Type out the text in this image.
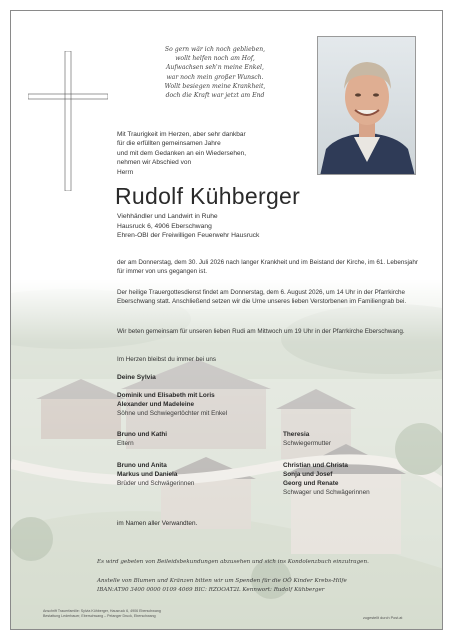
So gern wär ich noch geblieben,
wollt helfen noch am Hof,
Aufwachsen seh'n meine Enkel,
war noch mein großer Wunsch.
Wollt besiegen meine Krankheit,
doch die Kraft war jetzt am End
Mit Traurigkeit im Herzen, aber sehr dankbar
für die erfüllten gemeinsamen Jahre
und mit dem Gedanken an ein Wiedersehen,
nehmen wir Abschied von
Herrn
Rudolf Kühberger
Viehhändler und Landwirt in Ruhe
Hausruck 6, 4906 Eberschwang
Ehren-OBI der Freiwilligen Feuerwehr Hausruck
der am Donnerstag, dem 30. Juli 2026 nach langer Krankheit und im Beistand der Kirche, im 61. Lebensjahr für immer von uns gegangen ist.
Der heilige Trauergottesdienst findet am Donnerstag, dem 6. August 2026, um 14 Uhr in der Pfarrkirche Eberschwang statt. Anschließend setzen wir die Urne unseres lieben Verstorbenen im Familiengrab bei.
Wir beten gemeinsam für unseren lieben Rudi am Mittwoch um 19 Uhr in der Pfarrkirche Eberschwang.
Im Herzen bleibst du immer bei uns
Deine Sylvia
Dominik und Elisabeth mit Loris
Alexander und Madeleine
Söhne und Schwiegertöchter mit Enkel
Bruno und Kathi
Eltern
Theresia
Schwiegermutter
Bruno und Anita
Markus und Daniela
Brüder und Schwägerinnen
Christian und Christa
Sonja und Josef
Georg und Renate
Schwager und Schwägerinnen
im Namen aller Verwandten.
Es wird gebeten von Beileidsbekundungen abzusehen und sich ins Kondolenzbuch einzutragen.
Anstelle von Blumen und Kränzen bitten wir um Spenden für die OÖ Kinder Krebs-Hilfe
IBAN:AT90 3400 0000 0109 4069 BIC: RZOOAT2L Kennwort: Rudolf Kühberger
Anschrift Trauerfamilie: Sylvia Kühberger, Hausruck 6, 4906 Eberschwang
Bestattung Lederbauer, Eberschwang – Pelanger Druck, Eberschwang	zugestellt durch Post.at
